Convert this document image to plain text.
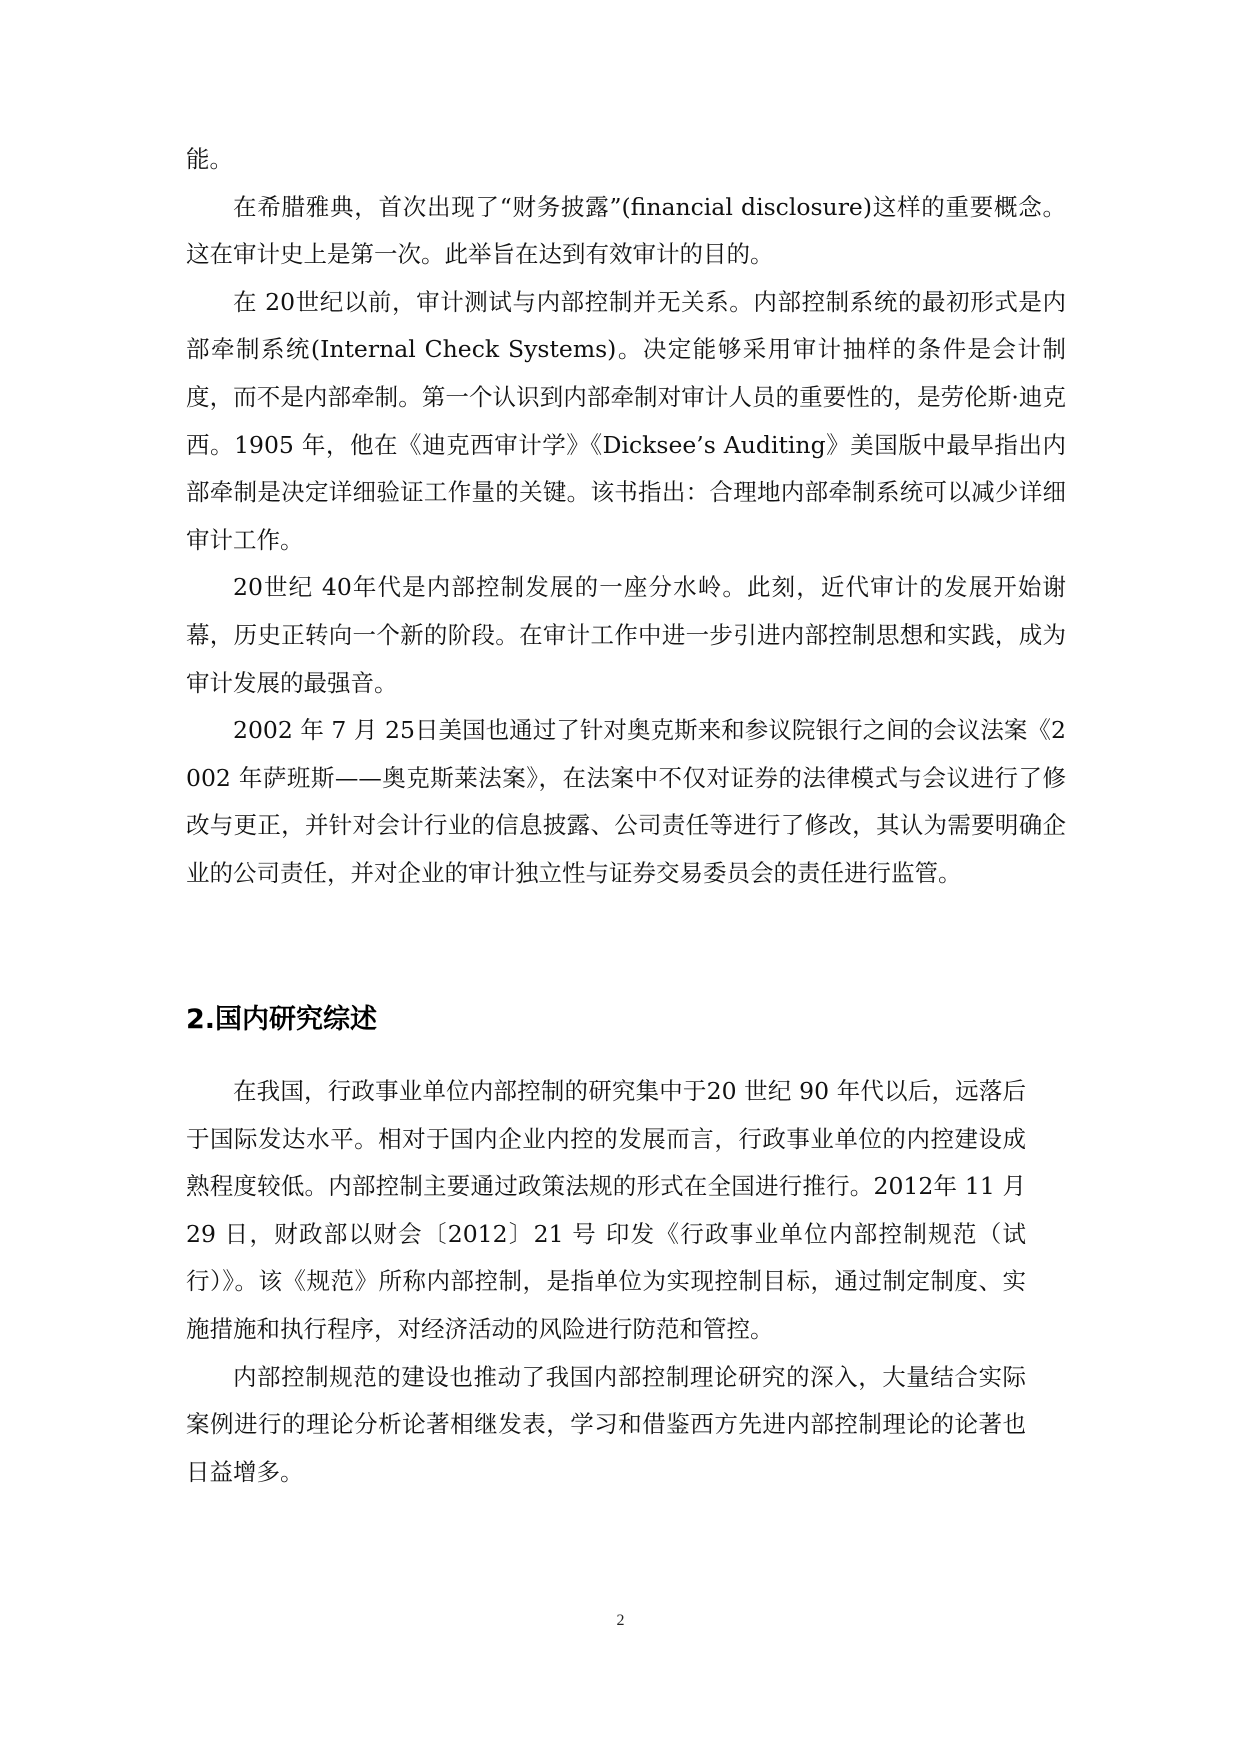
能。

在希腊雅典，首次出现了“财务披露”(financial disclosure)这样的重要概念。这在审计史上是第一次。此举旨在达到有效审计的目的。

在 20世纪以前，审计测试与内部控制并无关系。内部控制系统的最初形式是内部牵制系统(Internal Check Systems)。决定能够采用审计抽样的条件是会计制度，而不是内部牵制。第一个认识到内部牵制对审计人员的重要性的，是劳伦斯·迪克西。1905 年，他在《迪克西审计学》《Dicksee’s Auditing》美国版中最早指出内部牵制是决定详细验证工作量的关键。该书指出：合理地内部牵制系统可以减少详细审计工作。

20世纪 40年代是内部控制发展的一座分水岭。此刻，近代审计的发展开始谢幕，历史正转向一个新的阶段。在审计工作中进一步引进内部控制思想和实践，成为审计发展的最强音。

2002 年 7 月 25日美国也通过了针对奥克斯来和参议院银行之间的会议法案《2002 年萨班斯——奥克斯莱法案》，在法案中不仅对证券的法律模式与会议进行了修改与更正，并针对会计行业的信息披露、公司责任等进行了修改，其认为需要明确企业的公司责任，并对企业的审计独立性与证券交易委员会的责任进行监管。

2.国内研究综述

在我国，行政事业单位内部控制的研究集中于20 世纪 90 年代以后，远落后于国际发达水平。相对于国内企业内控的发展而言，行政事业单位的内控建设成熟程度较低。内部控制主要通过政策法规的形式在全国进行推行。2012年 11 月 29 日，财政部以财会〔2012〕21 号 印发《行政事业单位内部控制规范（试行）》。该《规范》所称内部控制，是指单位为实现控制目标，通过制定制度、实施措施和执行程序，对经济活动的风险进行防范和管控。

内部控制规范的建设也推动了我国内部控制理论研究的深入，大量结合实际案例进行的理论分析论著相继发表，学习和借鉴西方先进内部控制理论的论著也日益增多。

2
